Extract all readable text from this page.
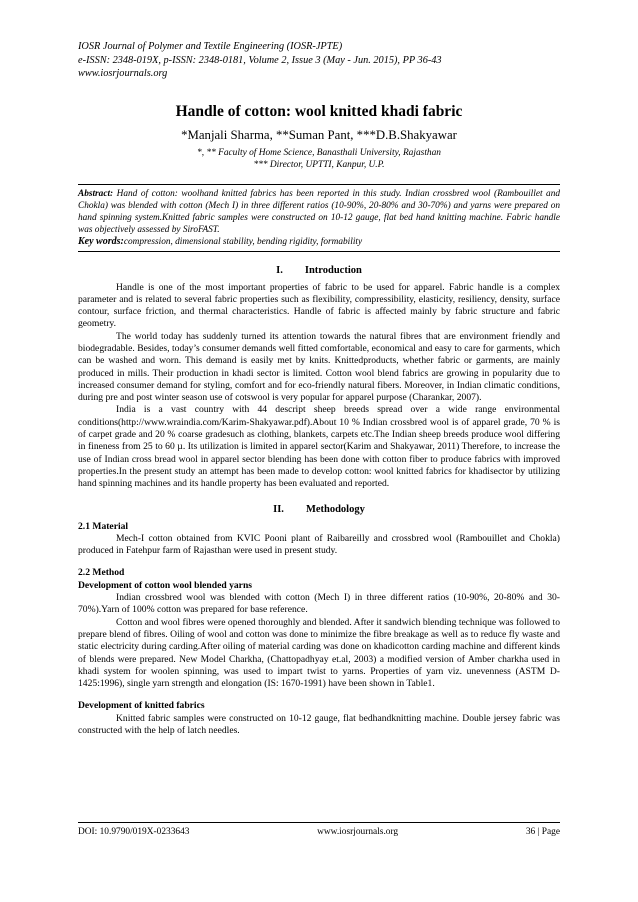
IOSR Journal of Polymer and Textile Engineering (IOSR-JPTE)

e-ISSN: 2348-019X, p-ISSN: 2348-0181, Volume 2, Issue 3 (May - Jun. 2015), PP 36-43

www.iosrjournals.org

Handle of cotton: wool knitted khadi fabric

*Manjali Sharma, **Suman Pant, ***D.B.Shakyawar

*, ** Faculty of Home Science, Banasthali University, Rajasthan

*** Director, UPTTI, Kanpur, U.P.

Abstract: Hand of cotton: woolhand knitted fabrics has been reported in this study. Indian crossbred wool (Rambouillet and Chokla) was blended with cotton (Mech I) in three different ratios (10-90%, 20-80% and 30-70%) and yarns were prepared on hand spinning system.Knitted fabric samples were constructed on 10-12 gauge, flat bed hand knitting machine. Fabric handle was objectively assessed by SiroFAST.

Key words:compression, dimensional stability, bending rigidity, formability

I. Introduction

Handle is one of the most important properties of fabric to be used for apparel. Fabric handle is a complex parameter and is related to several fabric properties such as flexibility, compressibility, elasticity, resiliency, density, surface contour, surface friction, and thermal characteristics. Handle of fabric is affected mainly by fabric structure and fabric geometry.

The world today has suddenly turned its attention towards the natural fibres that are environment friendly and biodegradable. Besides, today’s consumer demands well fitted comfortable, economical and easy to care for garments, which can be washed and worn. This demand is easily met by knits. Knittedproducts, whether fabric or garments, are mainly produced in mills. Their production in khadi sector is limited. Cotton wool blend fabrics are growing in popularity due to increased consumer demand for styling, comfort and for eco-friendly natural fibers. Moreover, in Indian climatic conditions, during pre and post winter season use of cotswool is very popular for apparel purpose (Charankar, 2007).

India is a vast country with 44 descript sheep breeds spread over a wide range environmental conditions(http://www.wraindia.com/Karim-Shakyawar.pdf).About 10 % Indian crossbred wool is of apparel grade, 70 % is of carpet grade and 20 % coarse gradesuch as clothing, blankets, carpets etc.The Indian sheep breeds produce wool differing in fineness from 25 to 60 µ. Its utilization is limited in apparel sector(Karim and Shakyawar, 2011) Therefore, to increase the use of Indian cross bread wool in apparel sector blending has been done with cotton fiber to produce fabrics with improved properties.In the present study an attempt has been made to develop cotton: wool knitted fabrics for khadisector by utilizing hand spinning machines and its handle property has been evaluated and reported.

II. Methodology
2.1 Material

Mech-I cotton obtained from KVIC Pooni plant of Raibareilly and crossbred wool (Rambouillet and Chokla) produced in Fatehpur farm of Rajasthan were used in present study.

2.2 Method
Development of cotton wool blended yarns

Indian crossbred wool was blended with cotton (Mech I) in three different ratios (10-90%, 20-80% and 30-70%).Yarn of 100% cotton was prepared for base reference.

Cotton and wool fibres were opened thoroughly and blended. After it sandwich blending technique was followed to prepare blend of fibres. Oiling of wool and cotton was done to minimize the fibre breakage as well as to reduce fly waste and static electricity during carding.After oiling of material carding was done on khadicotton carding machine and different kinds of blends were prepared. New Model Charkha, (Chattopadhyay et.al, 2003) a modified version of Amber charkha used in khadi system for woolen spinning, was used to impart twist to yarns. Properties of yarn viz. unevenness (ASTM D-1425:1996), single yarn strength and elongation (IS: 1670-1991) have been shown in Table1.

Development of knitted fabrics

Knitted fabric samples were constructed on 10-12 gauge, flat bedhandknitting machine. Double jersey fabric was constructed with the help of latch needles.

DOI: 10.9790/019X-0233643	www.iosrjournals.org	36 | Page
